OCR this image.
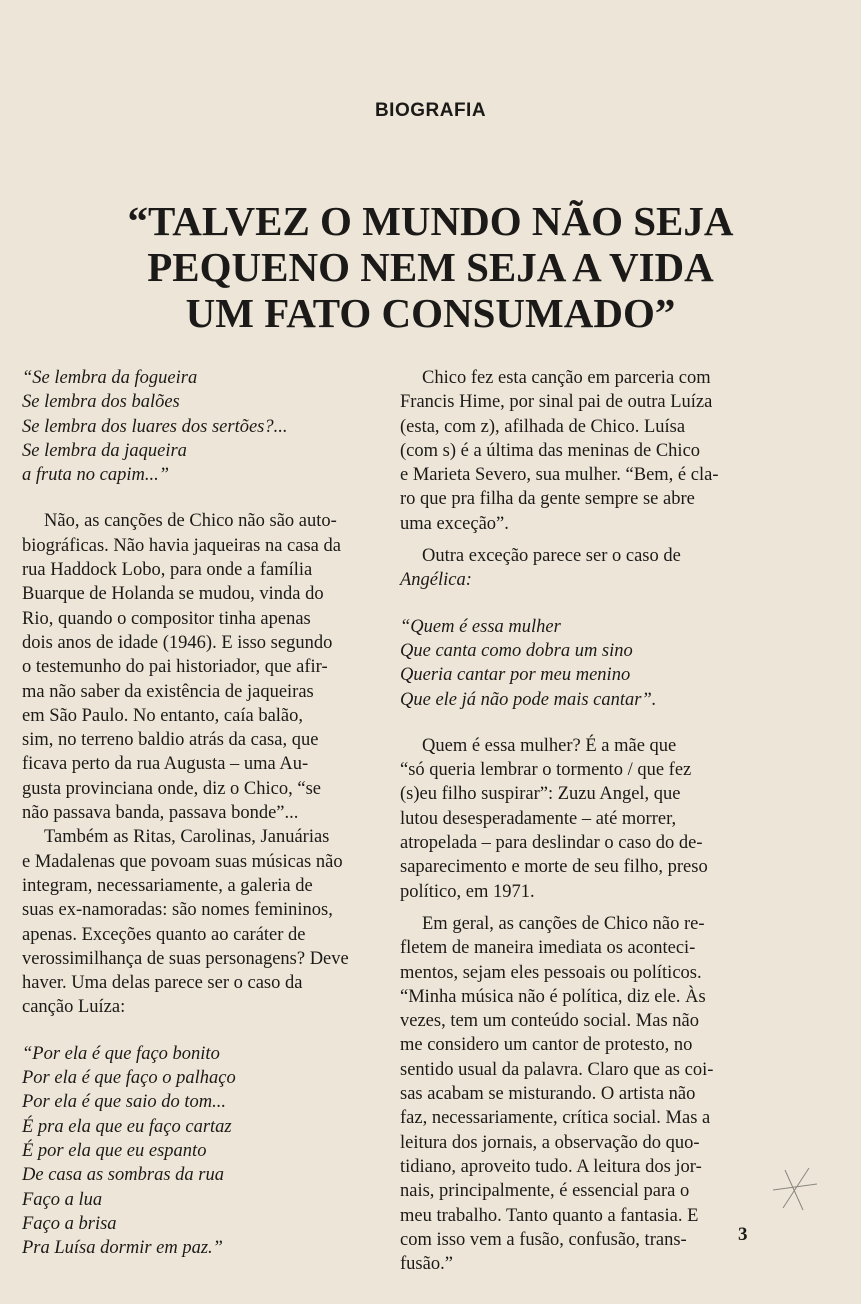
BIOGRAFIA
“TALVEZ O MUNDO NÃO SEJA
PEQUENO NEM SEJA A VIDA
UM FATO CONSUMADO”
“Se lembra da fogueira
Se lembra dos balões
Se lembra dos luares dos sertões?...
Se lembra da jaqueira
a fruta no capim...”
Não, as canções de Chico não são auto-
biográficas. Não havia jaqueiras na casa da
rua Haddock Lobo, para onde a família
Buarque de Holanda se mudou, vinda do
Rio, quando o compositor tinha apenas
dois anos de idade (1946). E isso segundo
o testemunho do pai historiador, que afir-
ma não saber da existência de jaqueiras
em São Paulo. No entanto, caía balão,
sim, no terreno baldio atrás da casa, que
ficava perto da rua Augusta – uma Au-
gusta provinciana onde, diz o Chico, “se
não passava banda, passava bonde”...
Também as Ritas, Carolinas, Januárias
e Madalenas que povoam suas músicas não
integram, necessariamente, a galeria de
suas ex-namoradas: são nomes femininos,
apenas. Exceções quanto ao caráter de
verossimilhança de suas personagens? Deve
haver. Uma delas parece ser o caso da
canção Luíza:
“Por ela é que faço bonito
Por ela é que faço o palhaço
Por ela é que saio do tom...
É pra ela que eu faço cartaz
É por ela que eu espanto
De casa as sombras da rua
Faço a lua
Faço a brisa
Pra Luísa dormir em paz.”
Chico fez esta canção em parceria com
Francis Hime, por sinal pai de outra Luíza
(esta, com z), afilhada de Chico. Luísa
(com s) é a última das meninas de Chico
e Marieta Severo, sua mulher. “Bem, é cla-
ro que pra filha da gente sempre se abre
uma exceção”.
Outra exceção parece ser o caso de
Angélica:
“Quem é essa mulher
Que canta como dobra um sino
Queria cantar por meu menino
Que ele já não pode mais cantar”.
Quem é essa mulher? É a mãe que
“só queria lembrar o tormento / que fez
(s)eu filho suspirar”: Zuzu Angel, que
lutou desesperadamente – até morrer,
atropelada – para deslindar o caso do de-
saparecimento e morte de seu filho, preso
político, em 1971.
Em geral, as canções de Chico não re-
fletem de maneira imediata os aconteci-
mentos, sejam eles pessoais ou políticos.
“Minha música não é política, diz ele. Às
vezes, tem um conteúdo social. Mas não
me considero um cantor de protesto, no
sentido usual da palavra. Claro que as coi-
sas acabam se misturando. O artista não
faz, necessariamente, crítica social. Mas a
leitura dos jornais, a observação do quo-
tidiano, aproveito tudo. A leitura dos jor-
nais, principalmente, é essencial para o
meu trabalho. Tanto quanto a fantasia. E
com isso vem a fusão, confusão, trans-
fusão.”
3
